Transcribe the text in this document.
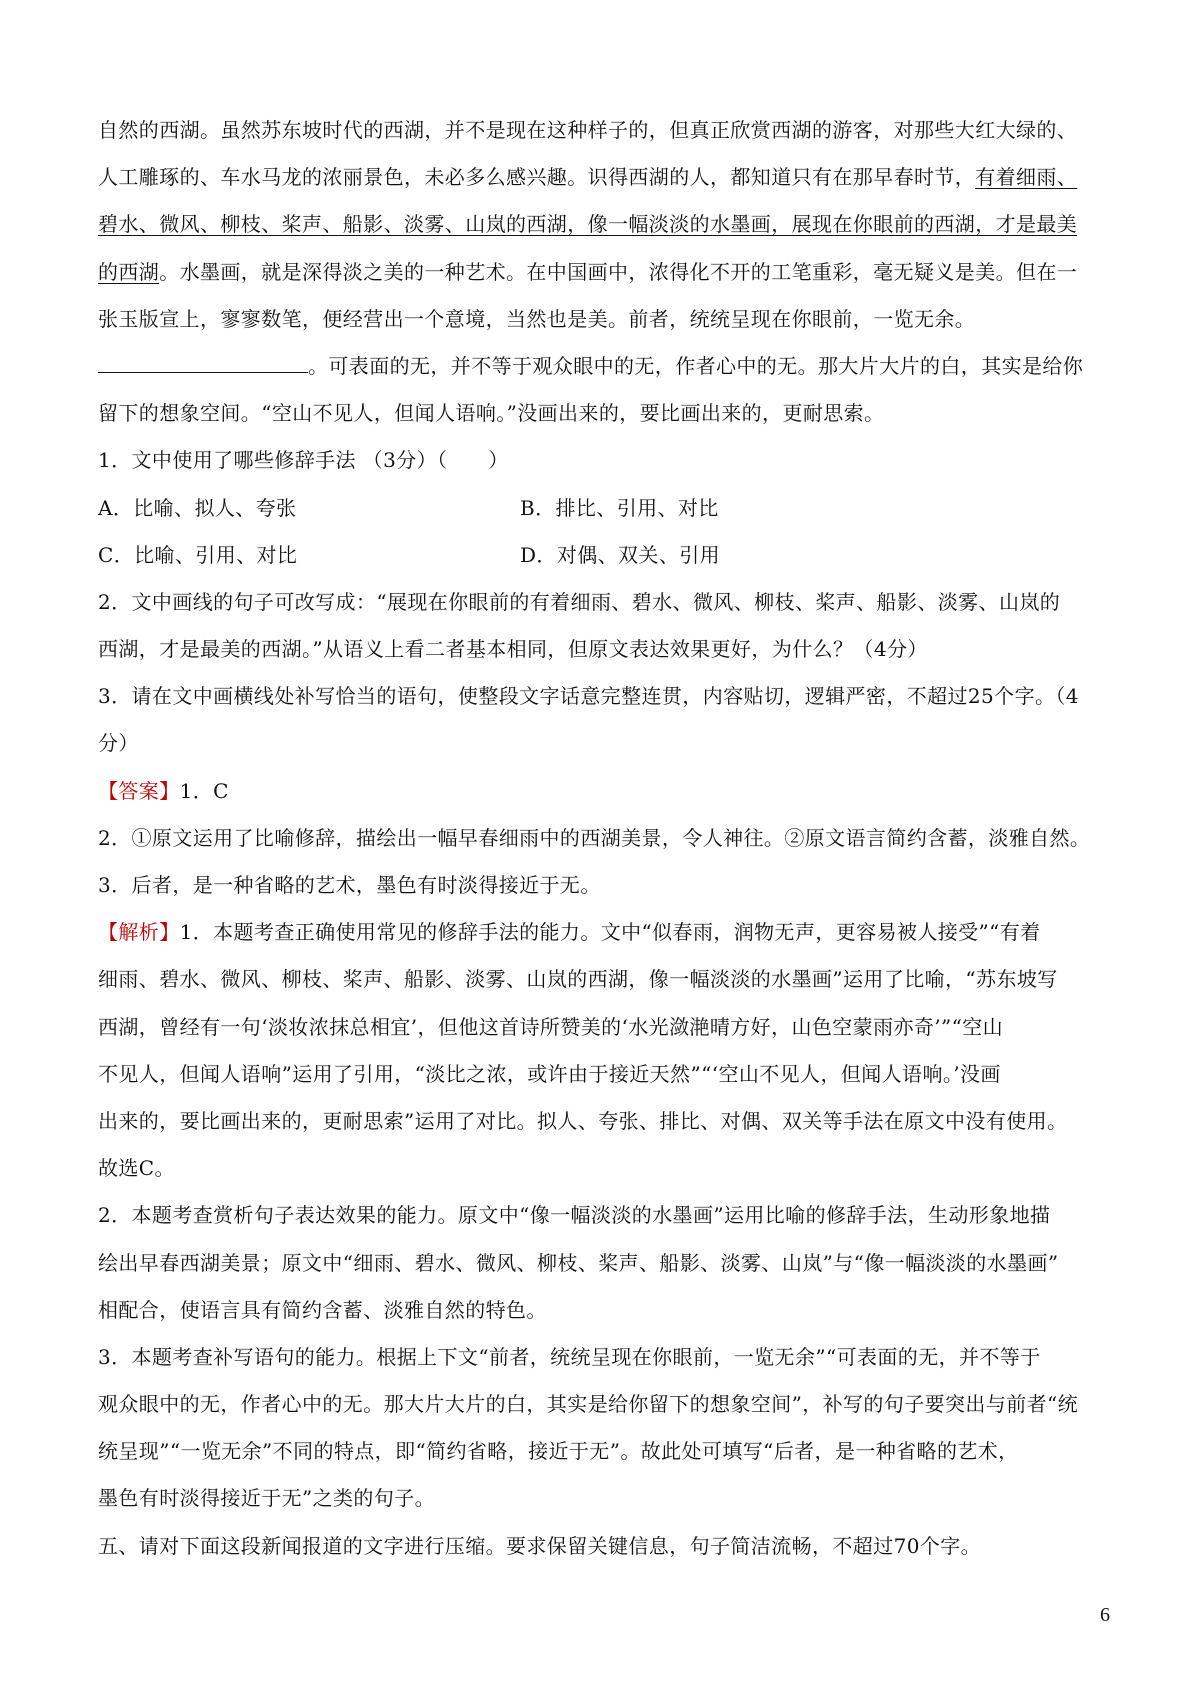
自然的西湖。虽然苏东坡时代的西湖，并不是现在这种样子的，但真正欣赏西湖的游客，对那些大红大绿的、
人工雕琢的、车水马龙的浓丽景色，未必多么感兴趣。识得西湖的人，都知道只有在那早春时节，有着细雨、
碧水、微风、柳枝、桨声、船影、淡雾、山岚的西湖，像一幅淡淡的水墨画，展现在你眼前的西湖，才是最美
的西湖。水墨画，就是深得淡之美的一种艺术。在中国画中，浓得化不开的工笔重彩，毫无疑义是美。但在一
张玉版宣上，寥寥数笔，便经营出一个意境，当然也是美。前者，统统呈现在你眼前，一览无余。
。可表面的无，并不等于观众眼中的无，作者心中的无。那大片大片的白，其实是给你
留下的想象空间。“空山不见人，但闻人语响。”没画出来的，要比画出来的，更耐思索。
1．文中使用了哪些修辞手法 （3分）（　　）
A．比喻、拟人、夸张	B．排比、引用、对比
C．比喻、引用、对比	D．对偶、双关、引用
2．文中画线的句子可改写成：“展现在你眼前的有着细雨、碧水、微风、柳枝、桨声、船影、淡雾、山岚的
西湖，才是最美的西湖。”从语义上看二者基本相同，但原文表达效果更好，为什么？（4分）
3．请在文中画横线处补写恰当的语句，使整段文字话意完整连贯，内容贴切，逻辑严密，不超过25个字。（4
分）
【答案】1．C
2．①原文运用了比喻修辞，描绘出一幅早春细雨中的西湖美景，令人神往。②原文语言简约含蓄，淡雅自然。
3．后者，是一种省略的艺术，墨色有时淡得接近于无。
【解析】1．本题考查正确使用常见的修辞手法的能力。文中“似春雨，润物无声，更容易被人接受”“有着
细雨、碧水、微风、柳枝、桨声、船影、淡雾、山岚的西湖，像一幅淡淡的水墨画”运用了比喻，“苏东坡写
西湖，曾经有一句‘淡妆浓抹总相宜’，但他这首诗所赞美的‘水光潋滟晴方好，山色空蒙雨亦奇’”“空山
不见人，但闻人语响”运用了引用，“淡比之浓，或许由于接近天然”“‘空山不见人，但闻人语响。’没画
出来的，要比画出来的，更耐思索”运用了对比。拟人、夸张、排比、对偶、双关等手法在原文中没有使用。
故选C。
2．本题考查赏析句子表达效果的能力。原文中“像一幅淡淡的水墨画”运用比喻的修辞手法，生动形象地描
绘出早春西湖美景；原文中“细雨、碧水、微风、柳枝、桨声、船影、淡雾、山岚”与“像一幅淡淡的水墨画”
相配合，使语言具有简约含蓄、淡雅自然的特色。
3．本题考查补写语句的能力。根据上下文“前者，统统呈现在你眼前，一览无余”“可表面的无，并不等于
观众眼中的无，作者心中的无。那大片大片的白，其实是给你留下的想象空间”，补写的句子要突出与前者“统
统呈现”“一览无余”不同的特点，即“简约省略，接近于无”。故此处可填写“后者，是一种省略的艺术，
墨色有时淡得接近于无”之类的句子。
五、请对下面这段新闻报道的文字进行压缩。要求保留关键信息，句子简洁流畅，不超过70个字。
6
